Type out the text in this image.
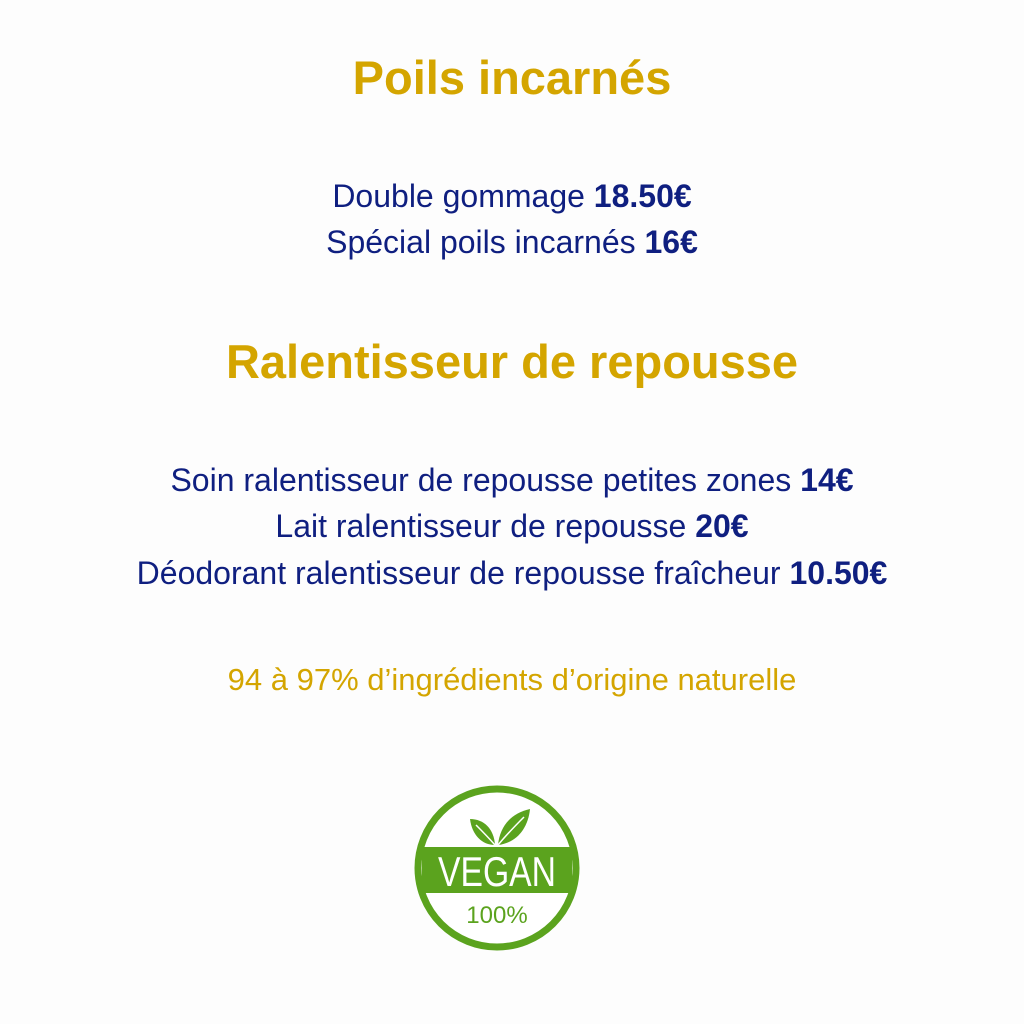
Poils incarnés
Double gommage 18.50€
Spécial poils incarnés 16€
Ralentisseur de repousse
Soin ralentisseur de repousse petites zones 14€
Lait ralentisseur de repousse 20€
Déodorant ralentisseur de repousse fraîcheur 10.50€
94 à 97% d’ingrédients d’origine naturelle
VEGAN
100%
